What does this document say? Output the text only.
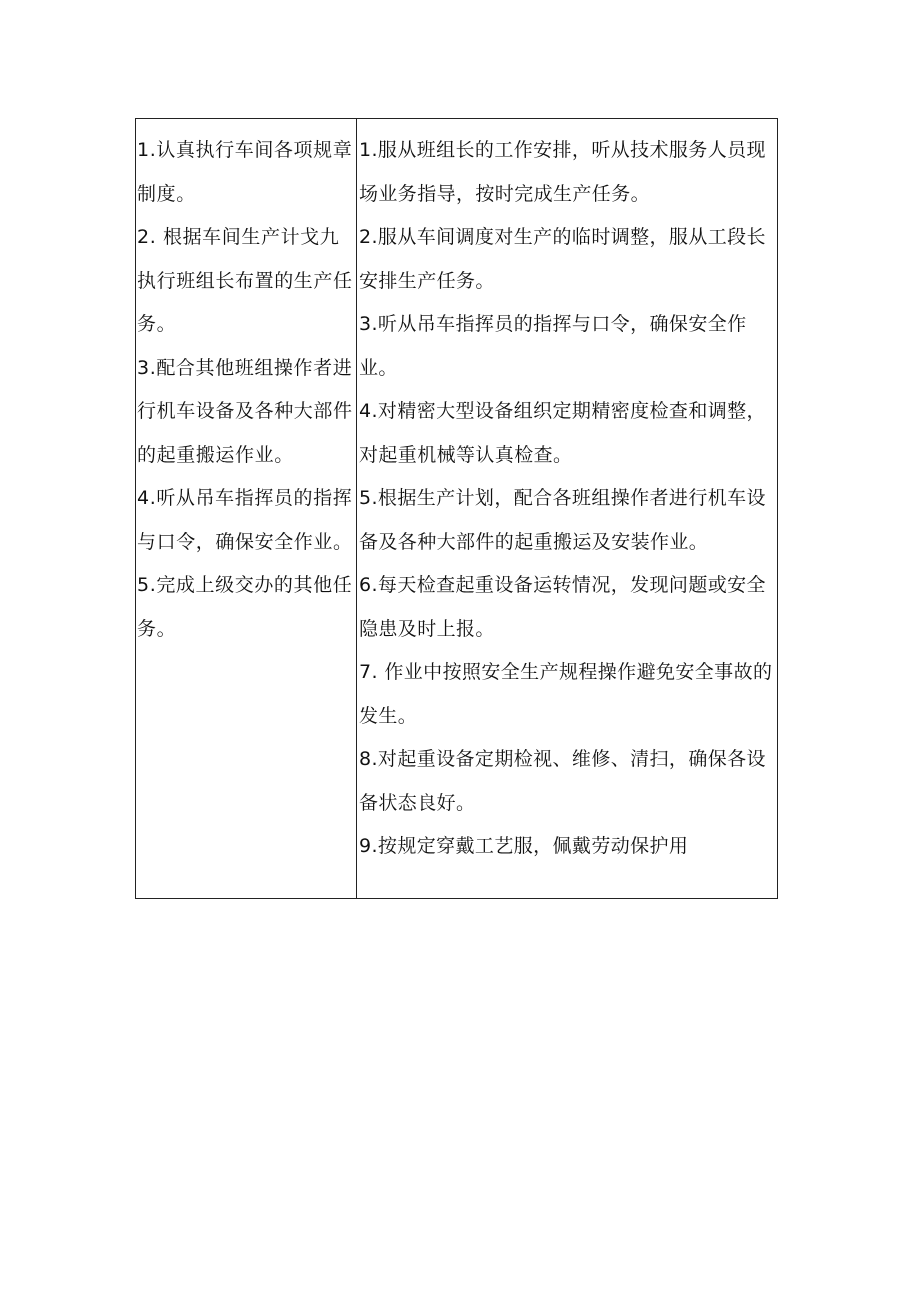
1.认真执行车间各项规章制度。

2. 根据车间生产计戈九执行班组长布置的生产任务。

3.配合其他班组操作者进行机车设备及各种大部件的起重搬运作业。

4.听从吊车指挥员的指挥与口令，确保安全作业。

5.完成上级交办的其他任务。

1.服从班组长的工作安排，听从技术服务人员现场业务指导，按时完成生产任务。

2.服从车间调度对生产的临时调整，服从工段长安排生产任务。

3.听从吊车指挥员的指挥与口令，确保安全作业。

4.对精密大型设备组织定期精密度检查和调整，对起重机械等认真检查。

5.根据生产计划，配合各班组操作者进行机车设备及各种大部件的起重搬运及安装作业。

6.每天检查起重设备运转情况，发现问题或安全隐患及时上报。

7. 作业中按照安全生产规程操作避免安全事故的发生。

8.对起重设备定期检视、维修、清扫，确保各设备状态良好。

9.按规定穿戴工艺服，佩戴劳动保护用
